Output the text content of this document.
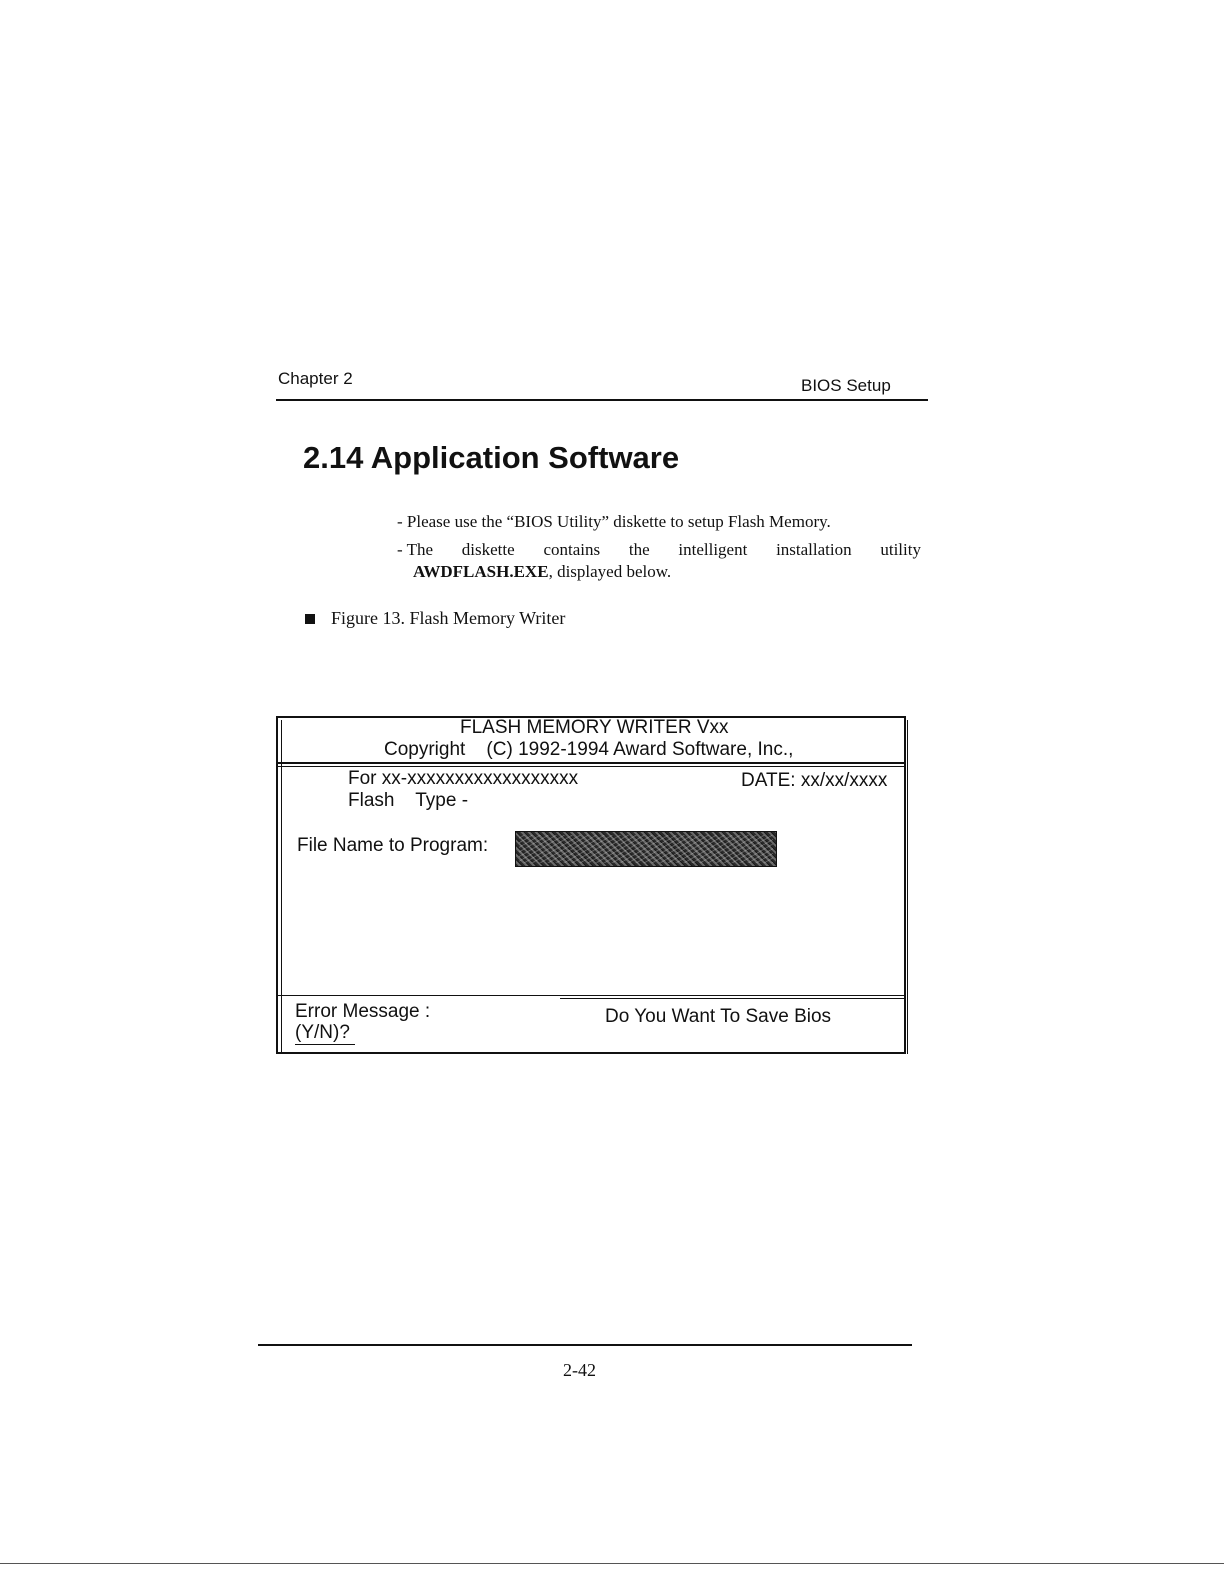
Chapter 2	BIOS Setup
2.14 Application Software
- Please use the “BIOS Utility” diskette to setup Flash Memory.
- The diskette contains the intelligent installation utility
AWDFLASH.EXE, displayed below.
Figure 13. Flash Memory Writer
FLASH MEMORY WRITER Vxx
Copyright    (C) 1992-1994 Award Software, Inc.,
For xx-xxxxxxxxxxxxxxxxxx	DATE: xx/xx/xxxx
Flash    Type -
File Name to Program:
Error Message :	Do You Want To Save Bios
(Y/N)?
2-42
